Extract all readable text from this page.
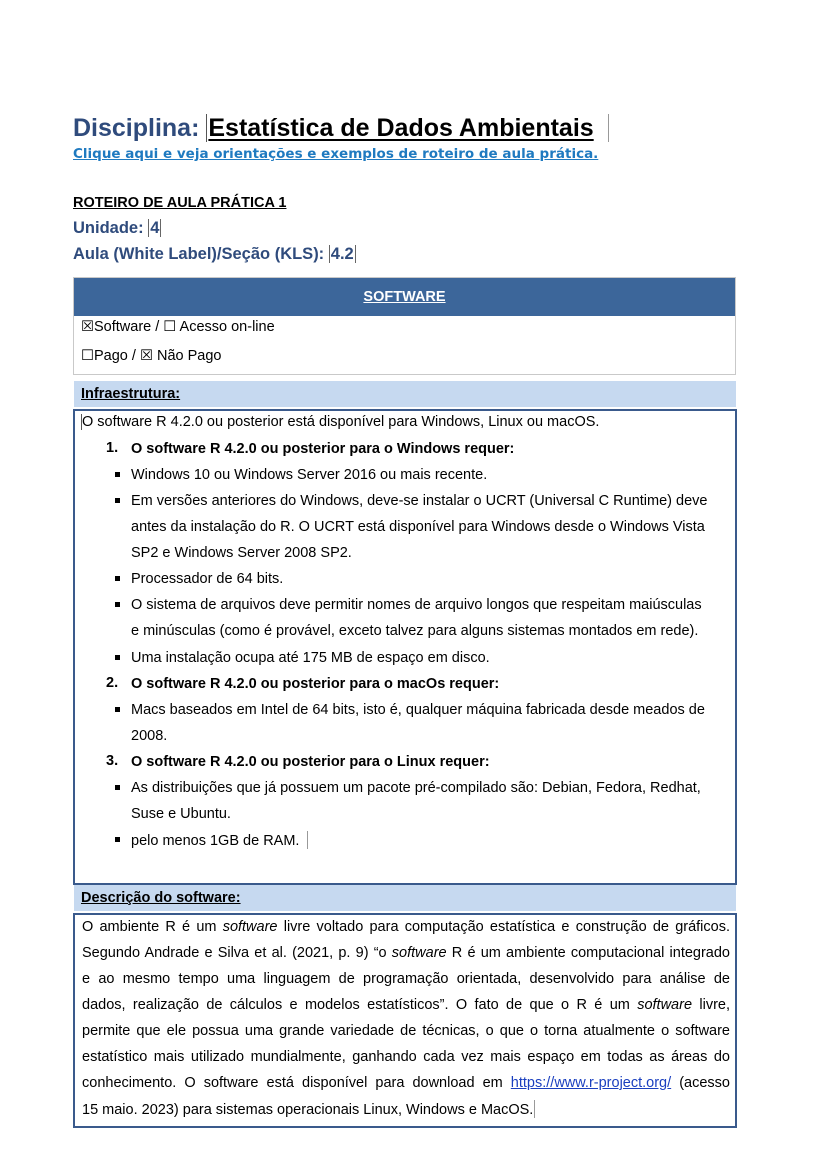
Disciplina: Estatística de Dados Ambientais
Clique aqui e veja orientações e exemplos de roteiro de aula prática.
ROTEIRO DE AULA PRÁTICA 1
Unidade: 4
Aula (White Label)/Seção (KLS): 4.2
SOFTWARE
☒Software / ☐ Acesso on-line
☐Pago / ☒ Não Pago
Infraestrutura:
O software R 4.2.0 ou posterior está disponível para Windows, Linux ou macOS.
1. O software R 4.2.0 ou posterior para o Windows requer:
Windows 10 ou Windows Server 2016 ou mais recente.
Em versões anteriores do Windows, deve-se instalar o UCRT (Universal C Runtime) deve
antes da instalação do R. O UCRT está disponível para Windows desde o Windows Vista
SP2 e Windows Server 2008 SP2.
Processador de 64 bits.
O sistema de arquivos deve permitir nomes de arquivo longos que respeitam maiúsculas
e minúsculas (como é provável, exceto talvez para alguns sistemas montados em rede).
Uma instalação ocupa até 175 MB de espaço em disco.
2. O software R 4.2.0 ou posterior para o macOs requer:
Macs baseados em Intel de 64 bits, isto é, qualquer máquina fabricada desde meados de
2008.
3. O software R 4.2.0 ou posterior para o Linux requer:
As distribuições que já possuem um pacote pré-compilado são: Debian, Fedora, Redhat,
Suse e Ubuntu.
pelo menos 1GB de RAM.
Descrição do software:
O ambiente R é um software livre voltado para computação estatística e construção de gráficos.
Segundo Andrade e Silva et al. (2021, p. 9) “o software R é um ambiente computacional integrado
e ao mesmo tempo uma linguagem de programação orientada, desenvolvido para análise de
dados, realização de cálculos e modelos estatísticos”. O fato de que o R é um software livre,
permite que ele possua uma grande variedade de técnicas, o que o torna atualmente o software
estatístico mais utilizado mundialmente, ganhando cada vez mais espaço em todas as áreas do
conhecimento. O software está disponível para download em https://www.r-project.org/ (acesso
15 maio. 2023) para sistemas operacionais Linux, Windows e MacOS.
